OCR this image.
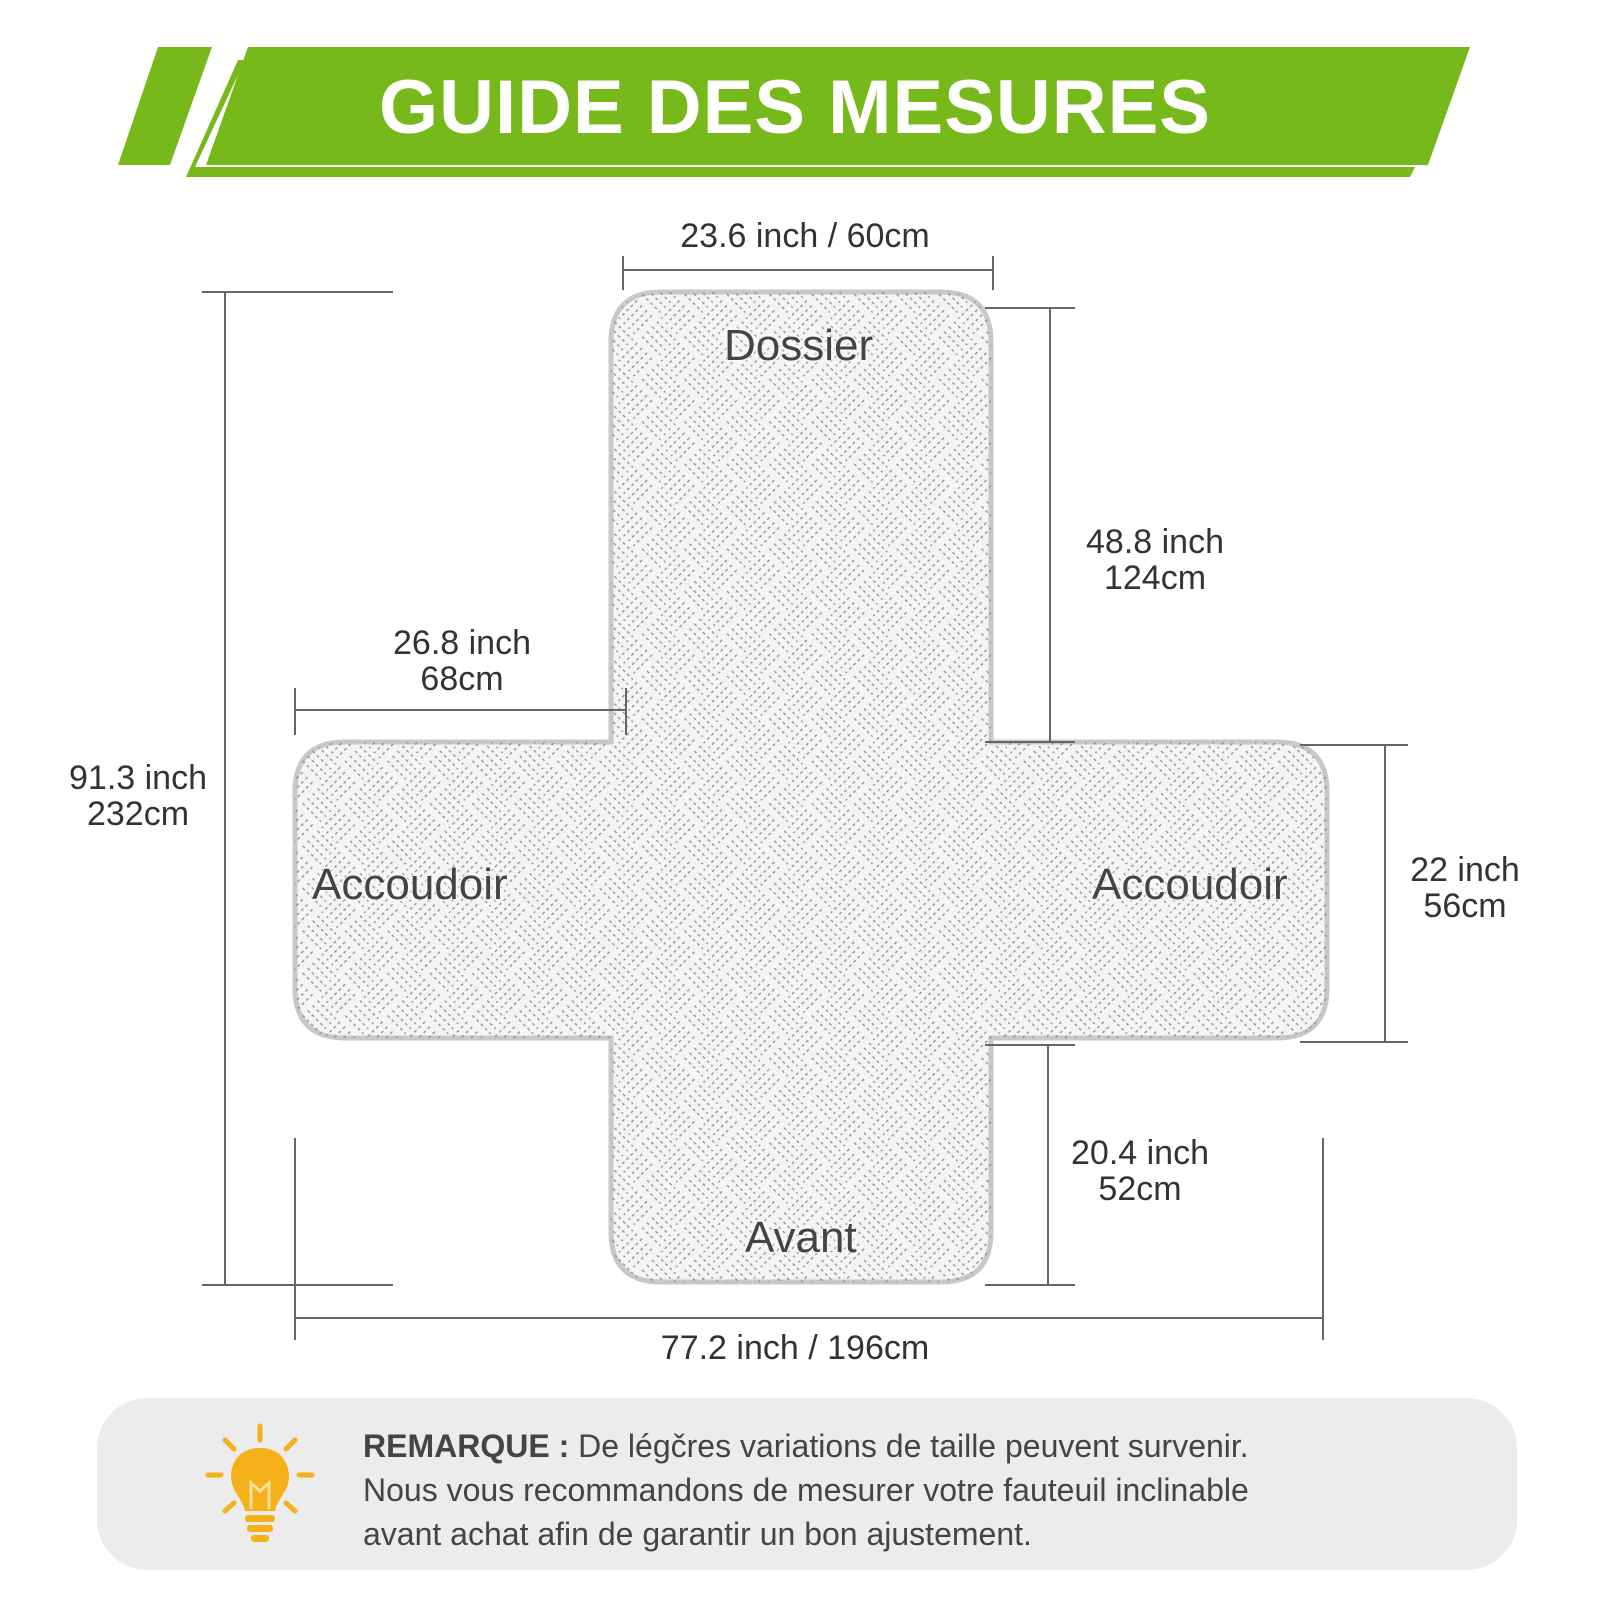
GUIDE DES MESURES
Dossier
Accoudoir	Accoudoir
Avant
23.6 inch / 60cm
48.8 inch
124cm
26.8 inch
68cm
91.3 inch
232cm
22 inch
56cm
20.4 inch
52cm
77.2 inch / 196cm
REMARQUE : De légčres variations de taille peuvent survenir.
Nous vous recommandons de mesurer votre fauteuil inclinable
avant achat afin de garantir un bon ajustement.
